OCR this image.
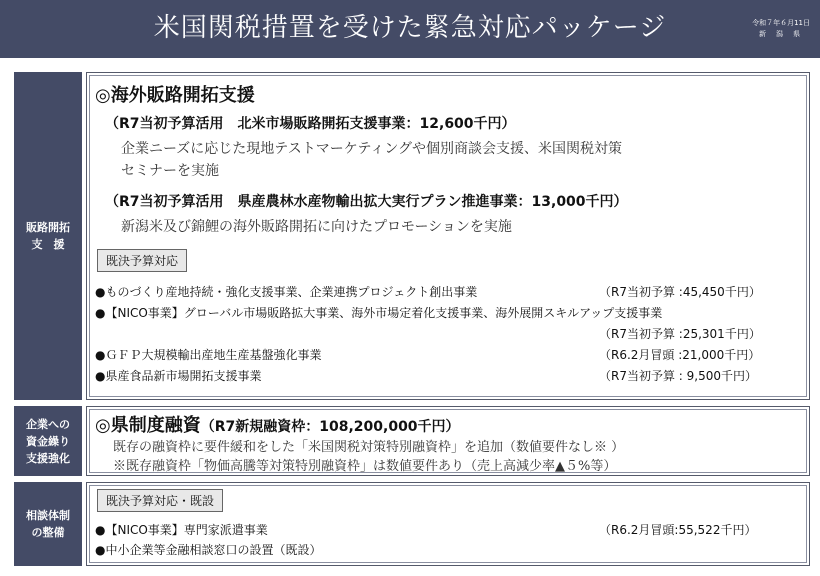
米国関税措置を受けた緊急対応パッケージ	令和７年６月11日
新潟県
販路開拓
支　援
◎海外販路開拓支援
（R7当初予算活用　北米市場販路開拓支援事業：12,600千円）
企業ニーズに応じた現地テストマーケティングや個別商談会支援、米国関税対策
セミナーを実施
（R7当初予算活用　県産農林水産物輸出拡大実行プラン推進事業：13,000千円）
新潟米及び錦鯉の海外販路開拓に向けたプロモーションを実施
既決予算対応
●ものづくり産地持続・強化支援事業、企業連携プロジェクト創出事業	（R7当初予算 :45,450千円）
●【NICO事業】グローバル市場販路拡大事業、海外市場定着化支援事業、海外展開スキルアップ支援事業
（R7当初予算 :25,301千円）
●ＧＦＰ大規模輸出産地生産基盤強化事業	（R6.2月冒頭 :21,000千円）
●県産食品新市場開拓支援事業	（R7当初予算 : 9,500千円）
企業への
資金繰り
支援強化
◎県制度融資（R7新規融資枠：108,200,000千円）
既存の融資枠に要件緩和をした「米国関税対策特別融資枠」を追加（数値要件なし※ ）
※既存融資枠「物価高騰等対策特別融資枠」は数値要件あり（売上高減少率▲５%等）
相談体制
の整備
既決予算対応・既設
●【NICO事業】専門家派遣事業	（R6.2月冒頭:55,522千円）
●中小企業等金融相談窓口の設置（既設）
